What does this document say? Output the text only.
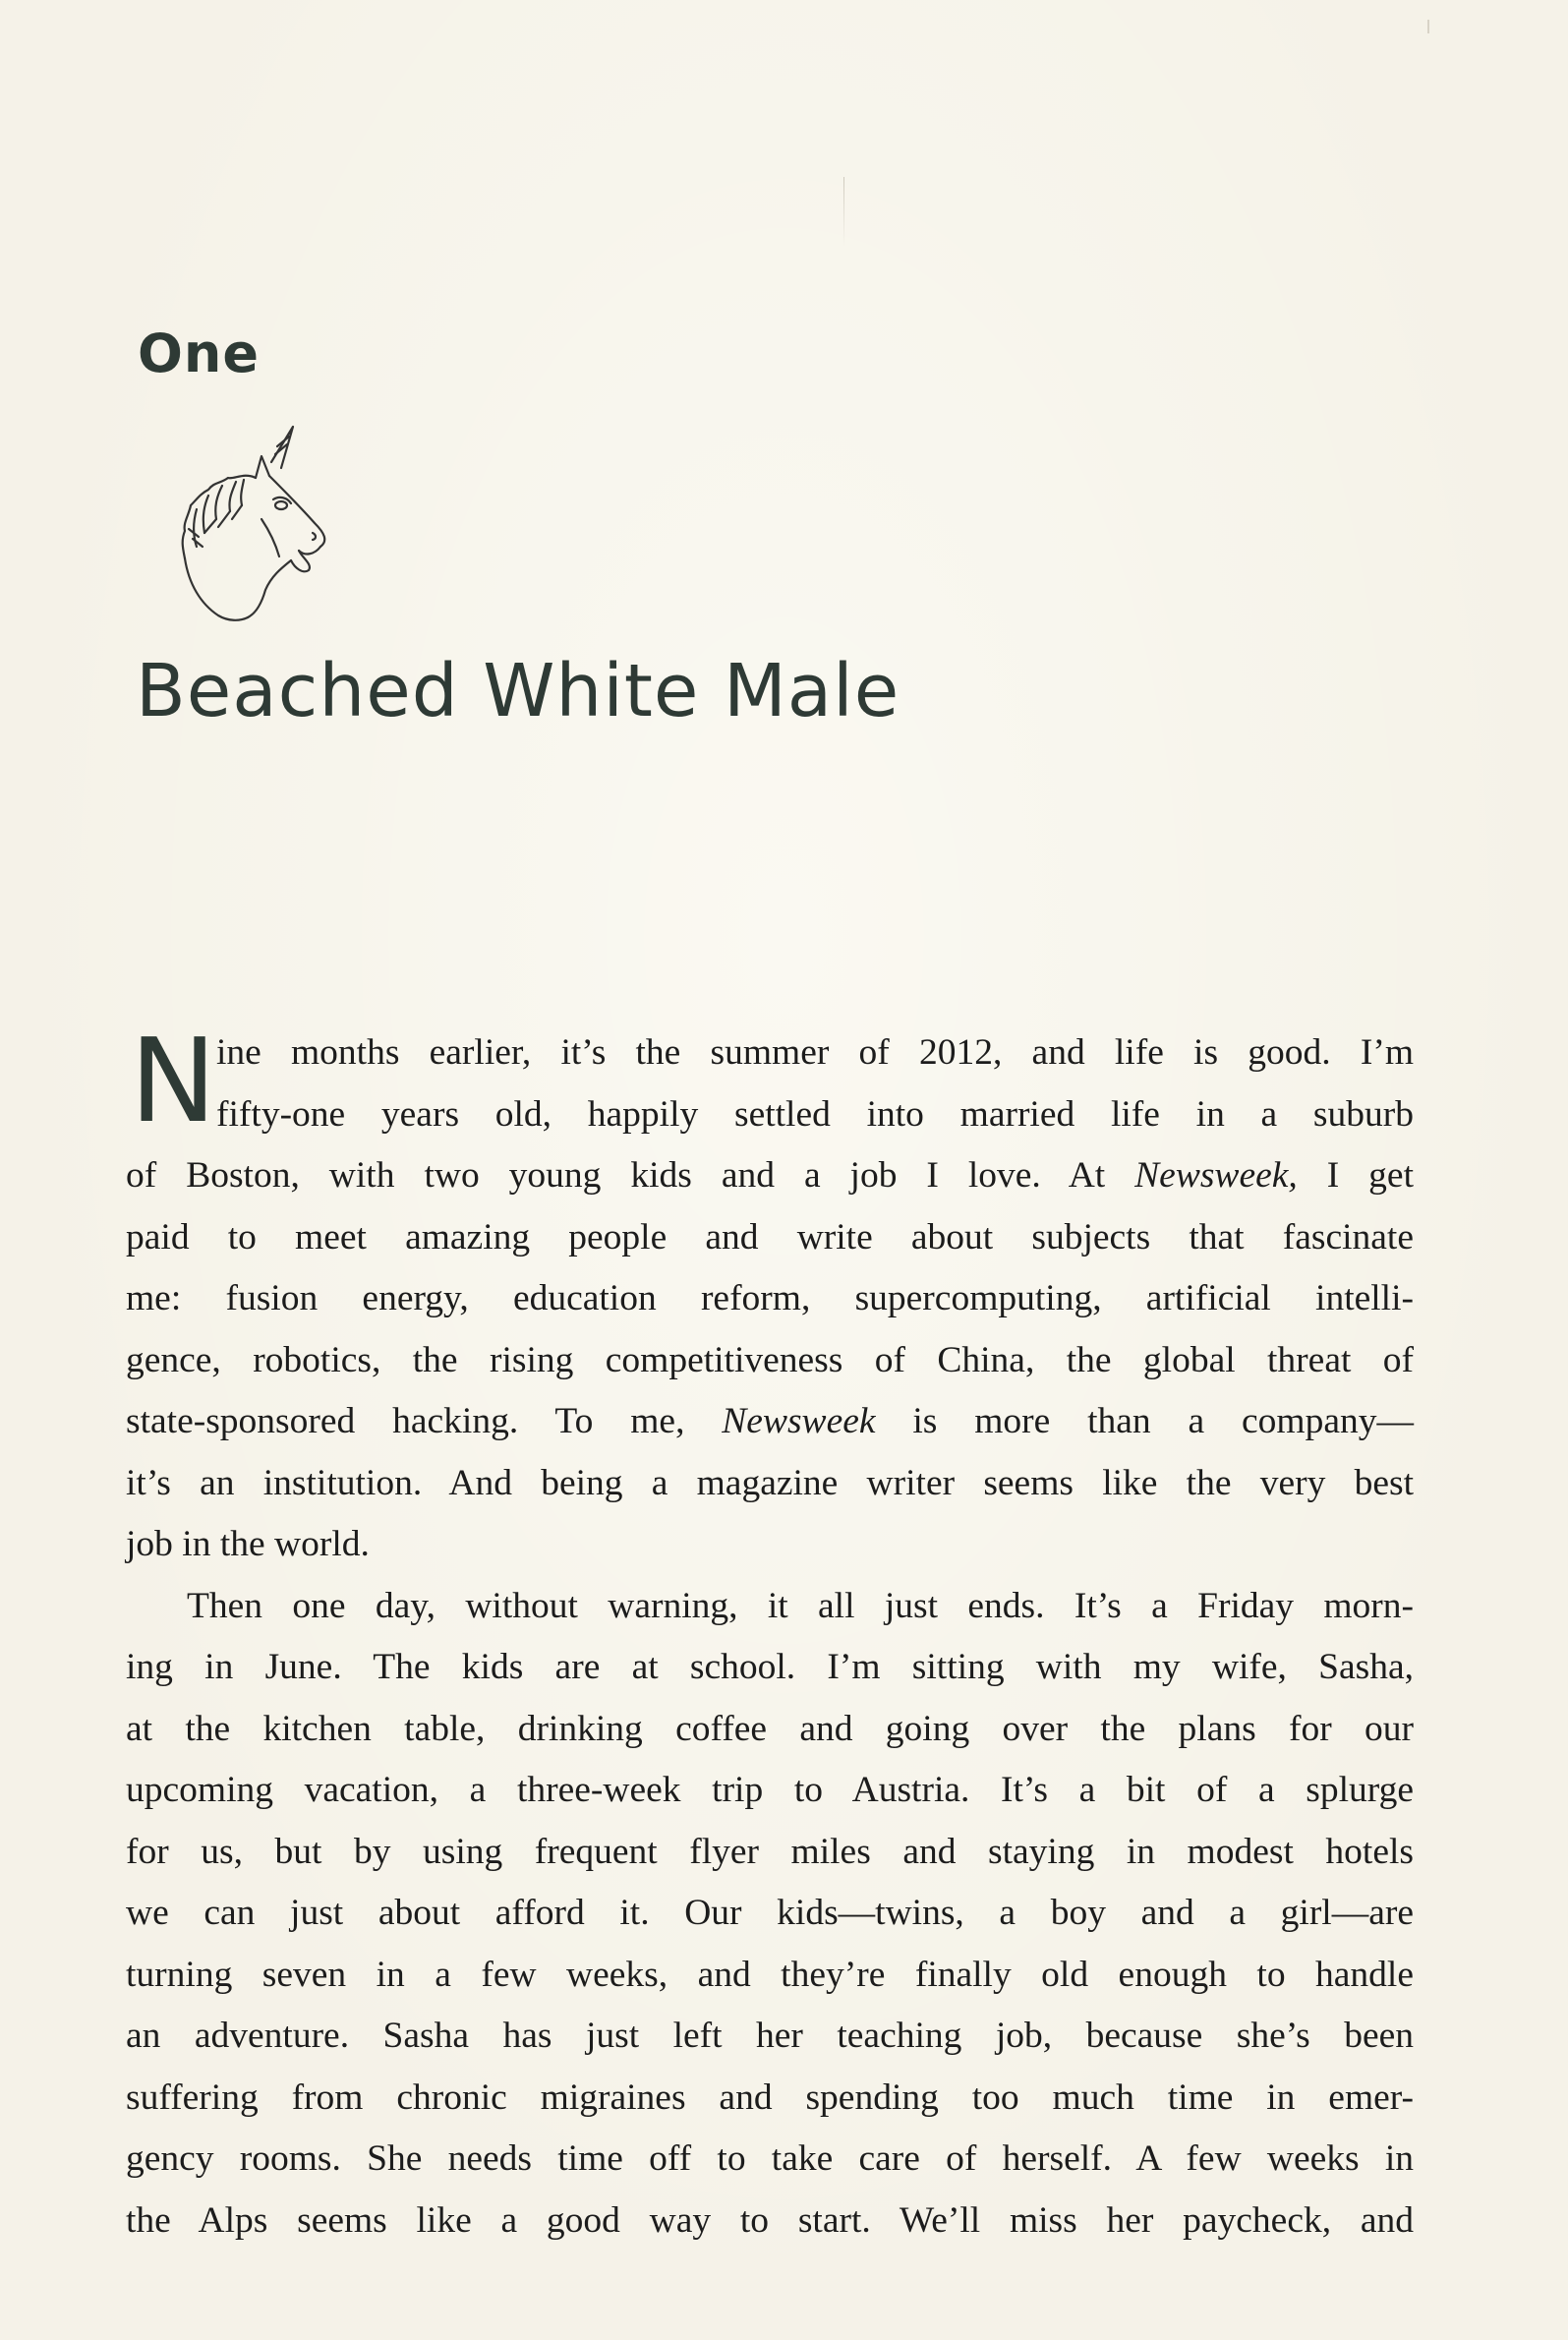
One
Beached White Male
N ine months earlier, it’s the summer of 2012, and life is good. I’m
fifty-one years old, happily settled into married life in a suburb
of Boston, with two young kids and a job I love. At Newsweek, I get
paid to meet amazing people and write about subjects that fascinate
me: fusion energy, education reform, supercomputing, artificial intelli-
gence, robotics, the rising competitiveness of China, the global threat of
state-sponsored hacking. To me, Newsweek is more than a company—
it’s an institution. And being a magazine writer seems like the very best
job in the world.
Then one day, without warning, it all just ends. It’s a Friday morn-
ing in June. The kids are at school. I’m sitting with my wife, Sasha,
at the kitchen table, drinking coffee and going over the plans for our
upcoming vacation, a three-week trip to Austria. It’s a bit of a splurge
for us, but by using frequent flyer miles and staying in modest hotels
we can just about afford it. Our kids—twins, a boy and a girl—are
turning seven in a few weeks, and they’re finally old enough to handle
an adventure. Sasha has just left her teaching job, because she’s been
suffering from chronic migraines and spending too much time in emer-
gency rooms. She needs time off to take care of herself. A few weeks in
the Alps seems like a good way to start. We’ll miss her paycheck, and
